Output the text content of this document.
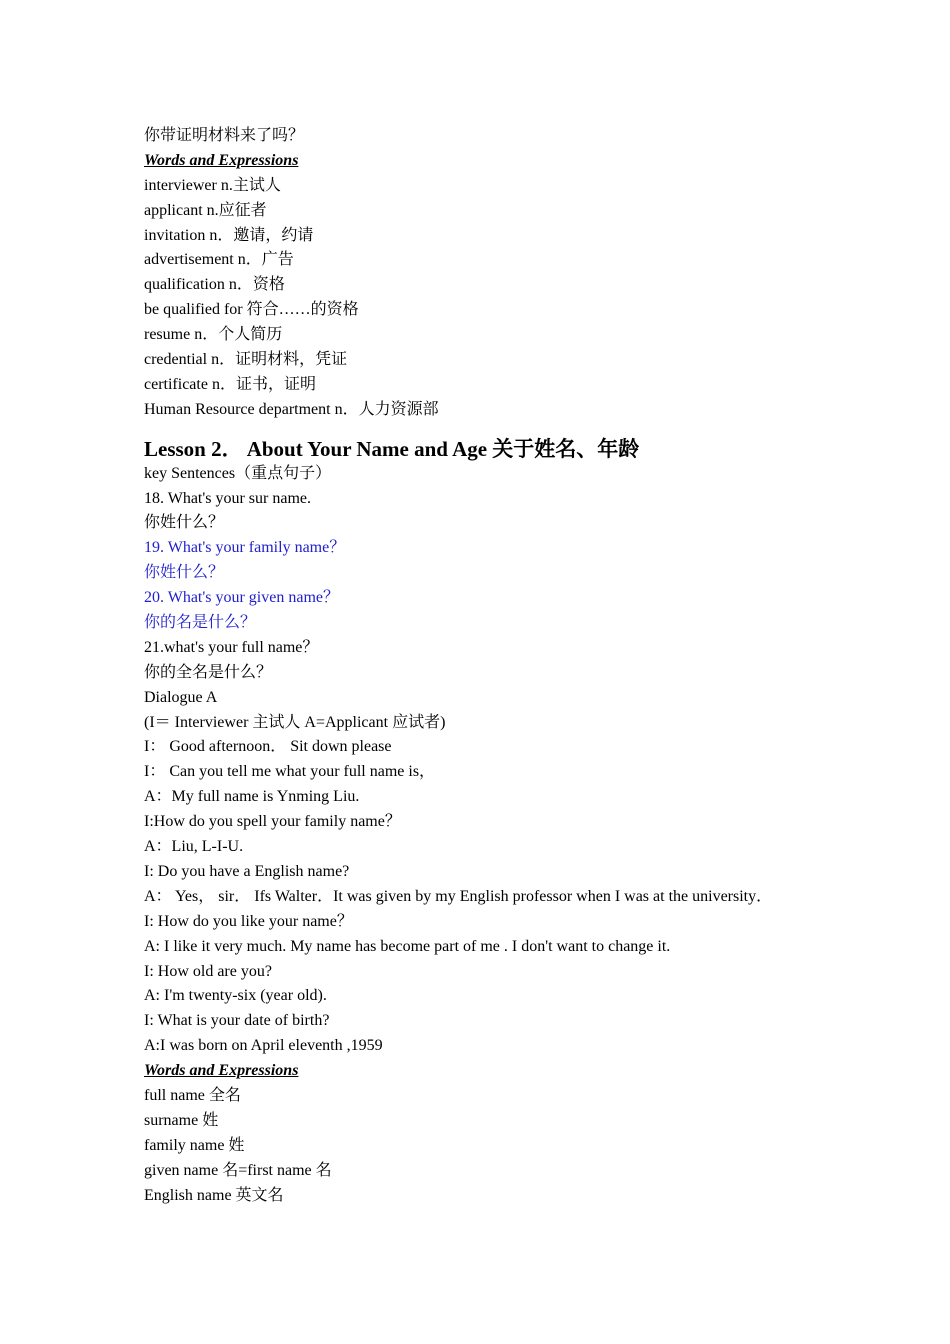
你带证明材料来了吗？
Words and Expressions
interviewer n.主试人
applicant n.应征者
invitation n．邀请，约请
advertisement n．广告
qualification n．资格
be qualified for 符合……的资格
resume n．个人简历
credential n．证明材料，凭证
certificate n．证书，证明
Human Resource department n．人力资源部
Lesson 2． About Your Name and Age 关于姓名、年龄
key Sentences（重点句子）
18. What's your sur name.
你姓什么？
19. What's your family name？
你姓什么？
20. What's your given name？
你的名是什么？
21.what's your full name？
你的全名是什么？
Dialogue A
(I＝ Interviewer 主试人 A=Applicant 应试者)
I： Good afternoon． Sit down please
I： Can you tell me what your full name is，
A：My full name is Ynming Liu.
I:How do you spell your family name？
A：Liu, L-I-U.
I: Do you have a English name?
A： Yes， sir． Ifs Walter．It was given by my English professor when I was at the university．
I: How do you like your name？
A: I like it very much. My name has become part of me . I don't want to change it.
I: How old are you?
A: I'm twenty-six (year old).
I: What is your date of birth?
A:I was born on April eleventh ,1959
Words and Expressions
full name 全名
surname 姓
family name 姓
given name 名=first name 名
English name 英文名
